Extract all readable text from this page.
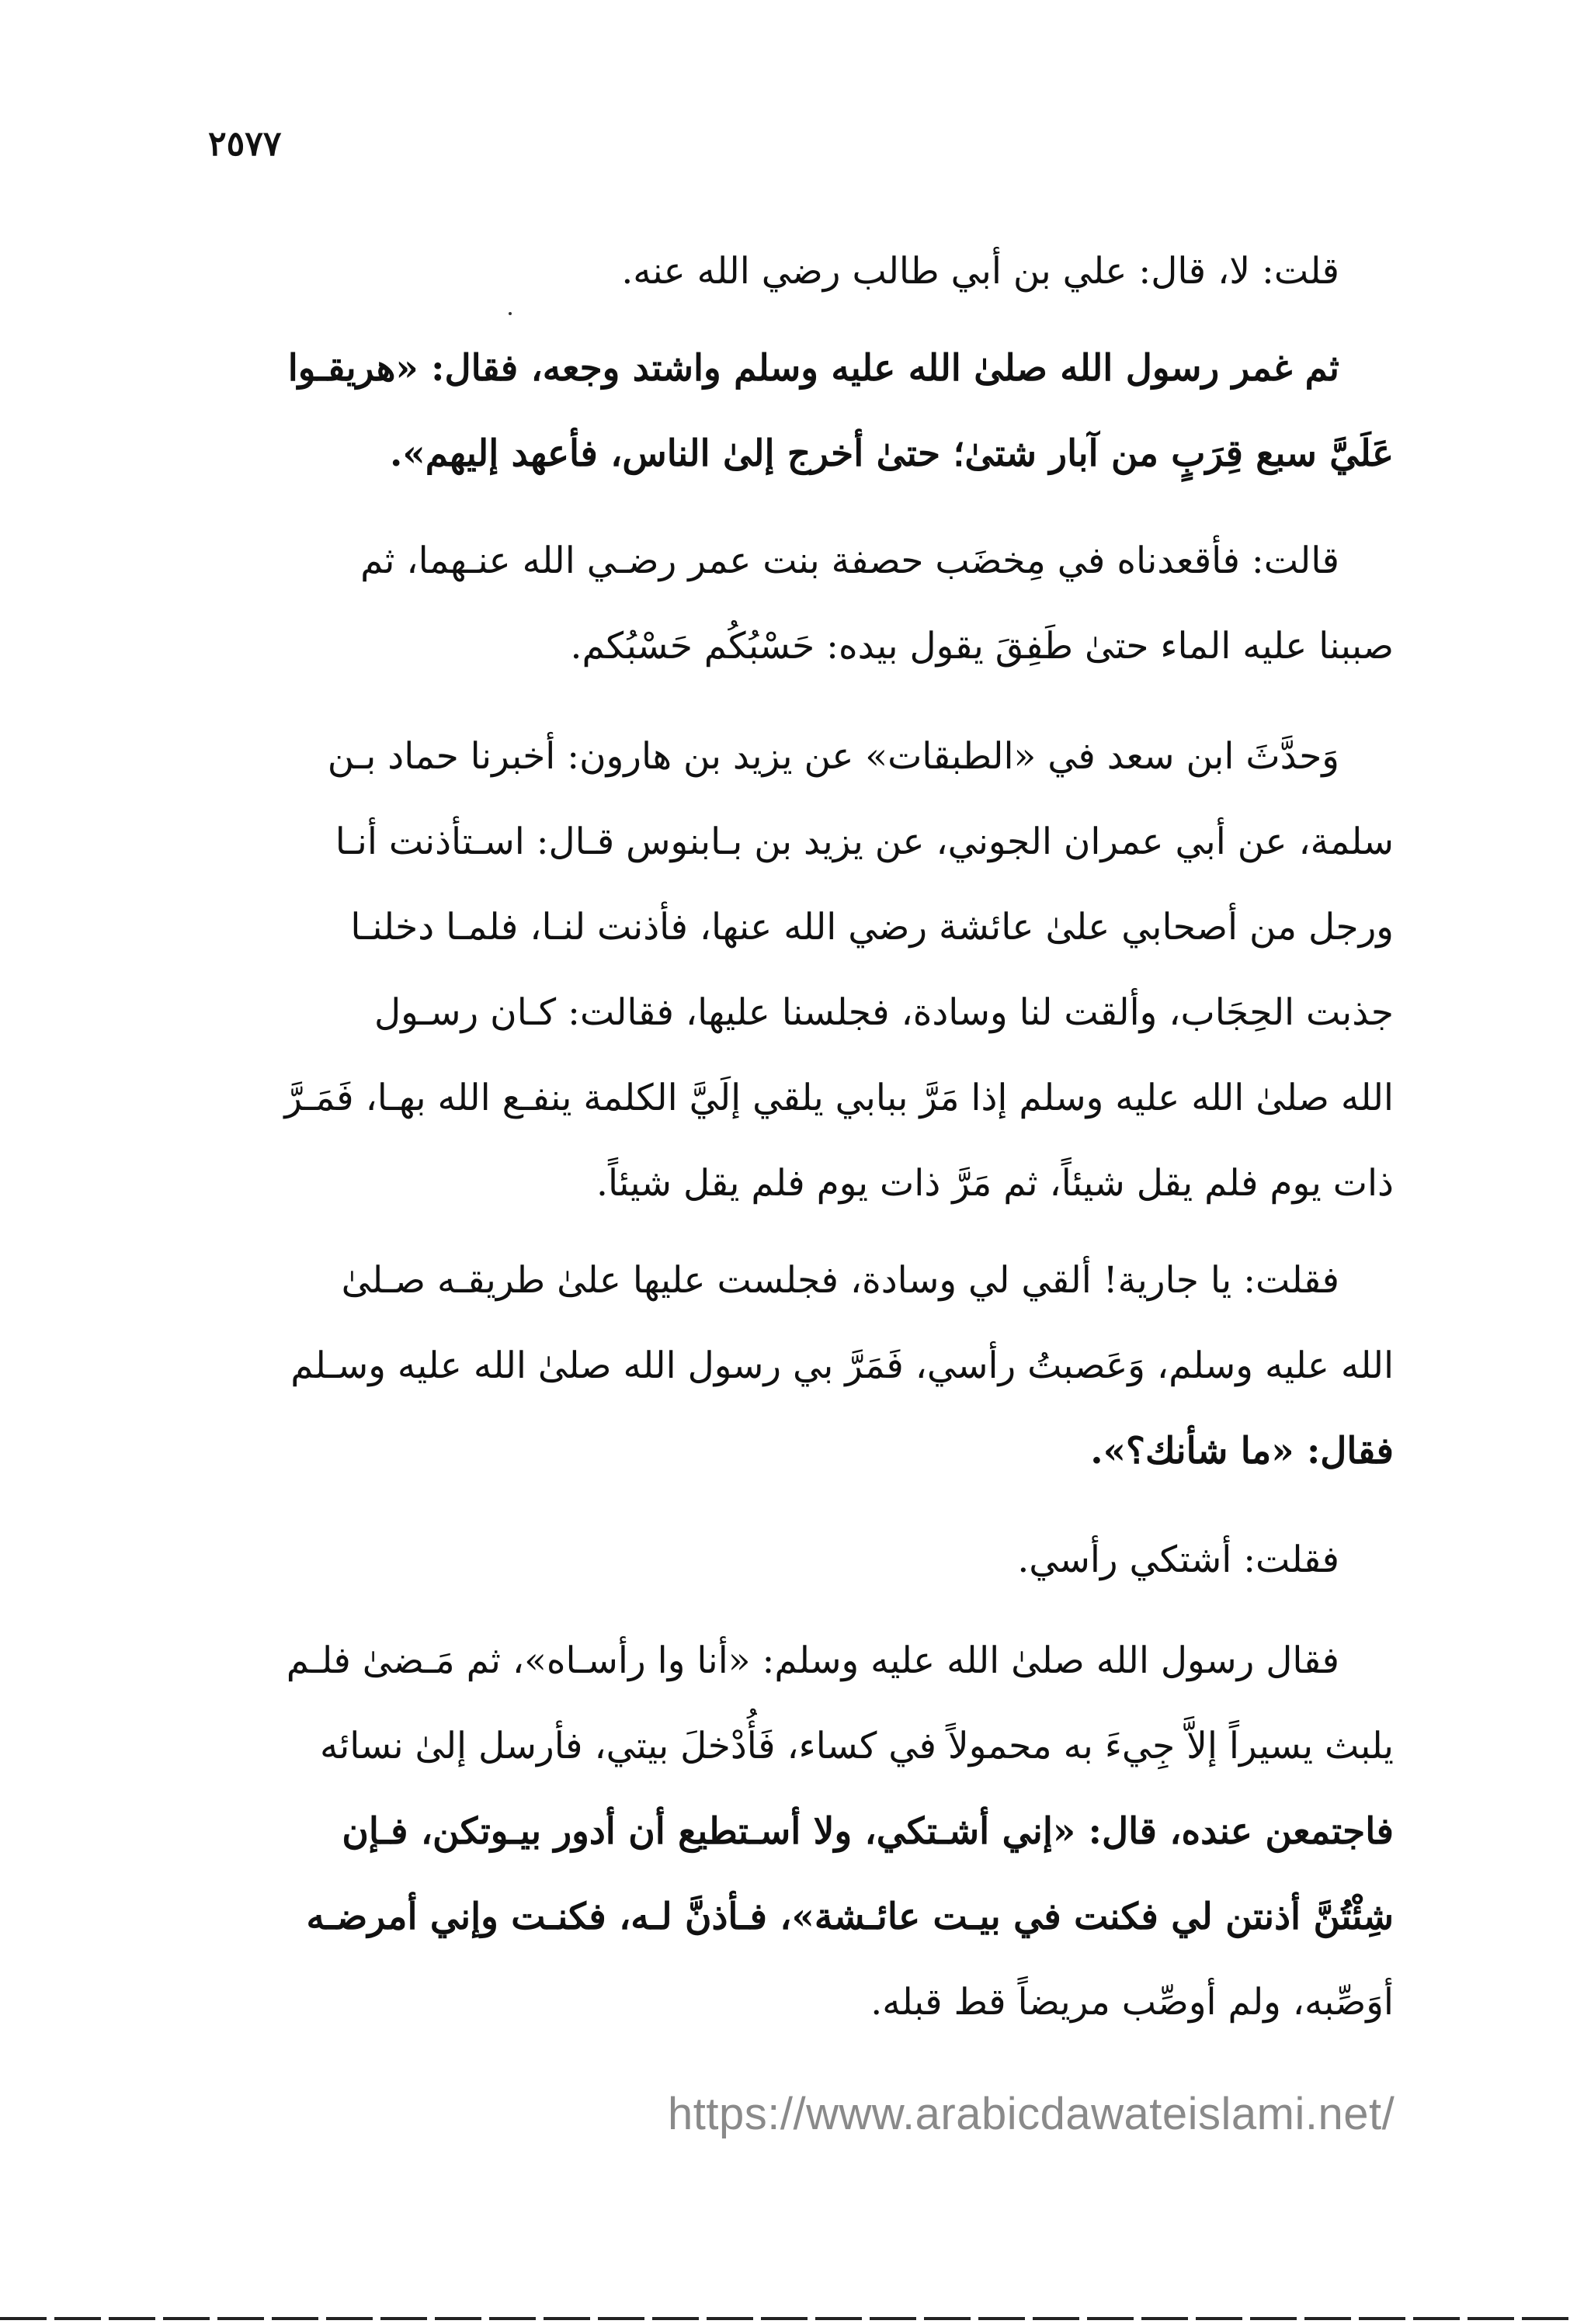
٢٥٧٧

قلت: لا، قال: علي بن أبي طالب رضي الله عنه.

ثم غمر رسول الله صلىٰ الله عليه وسلم واشتد وجعه، فقال: «هريقـوا
عَلَيَّ سبع قِرَبٍ من آبار شتىٰ؛ حتىٰ أخرج إلىٰ الناس، فأعهد إليهم».

قالت: فأقعدناه في مِخضَب حصفة بنت عمر رضـي الله عنـهما، ثم
صببنا عليه الماء حتىٰ طَفِقَ يقول بيده: حَسْبُكُم حَسْبُكم.

وَحدَّثَ ابن سعد في «الطبقات» عن يزيد بن هارون: أخبرنا حماد بـن
سلمة، عن أبي عمران الجوني، عن يزيد بن بـابنوس قـال: اسـتأذنت أنـا
ورجل من أصحابي علىٰ عائشة رضي الله عنها، فأذنت لنـا، فلمـا دخلنـا
جذبت الحِجَاب، وألقت لنا وسادة، فجلسنا عليها، فقالت: كـان رسـول
الله صلىٰ الله عليه وسلم إذا مَرَّ ببابي يلقي إلَيَّ الكلمة ينفـع الله بهـا، فَمَـرَّ
ذات يوم فلم يقل شيئاً، ثم مَرَّ ذات يوم فلم يقل شيئاً.

فقلت: يا جارية! ألقي لي وسادة، فجلست عليها علىٰ طريقـه صـلىٰ
الله عليه وسلم، وَعَصبتُ رأسي، فَمَرَّ بي رسول الله صلىٰ الله عليه وسـلم
فقال: «ما شأنك؟».

فقلت: أشتكي رأسي.

فقال رسول الله صلىٰ الله عليه وسلم: «أنا وا رأسـاه»، ثم مَـضىٰ فلـم
يلبث يسيراً إلاَّ جِيءَ به محمولاً في كساء، فَأُدْخلَ بيتي، فأرسل إلىٰ نسائه
فاجتمعن عنده، قال: «إني أشـتكي، ولا أسـتطيع أن أدور بيـوتكن، فـإن
شِئْتُنَّ أذنتن لي فكنت في بيـت عائـشة»، فـأذنَّ لـه، فكنـت وإني أمرضـه
أوَصِّبه، ولم أوصِّب مريضاً قط قبله.

https://www.arabicdawateislami.net/
